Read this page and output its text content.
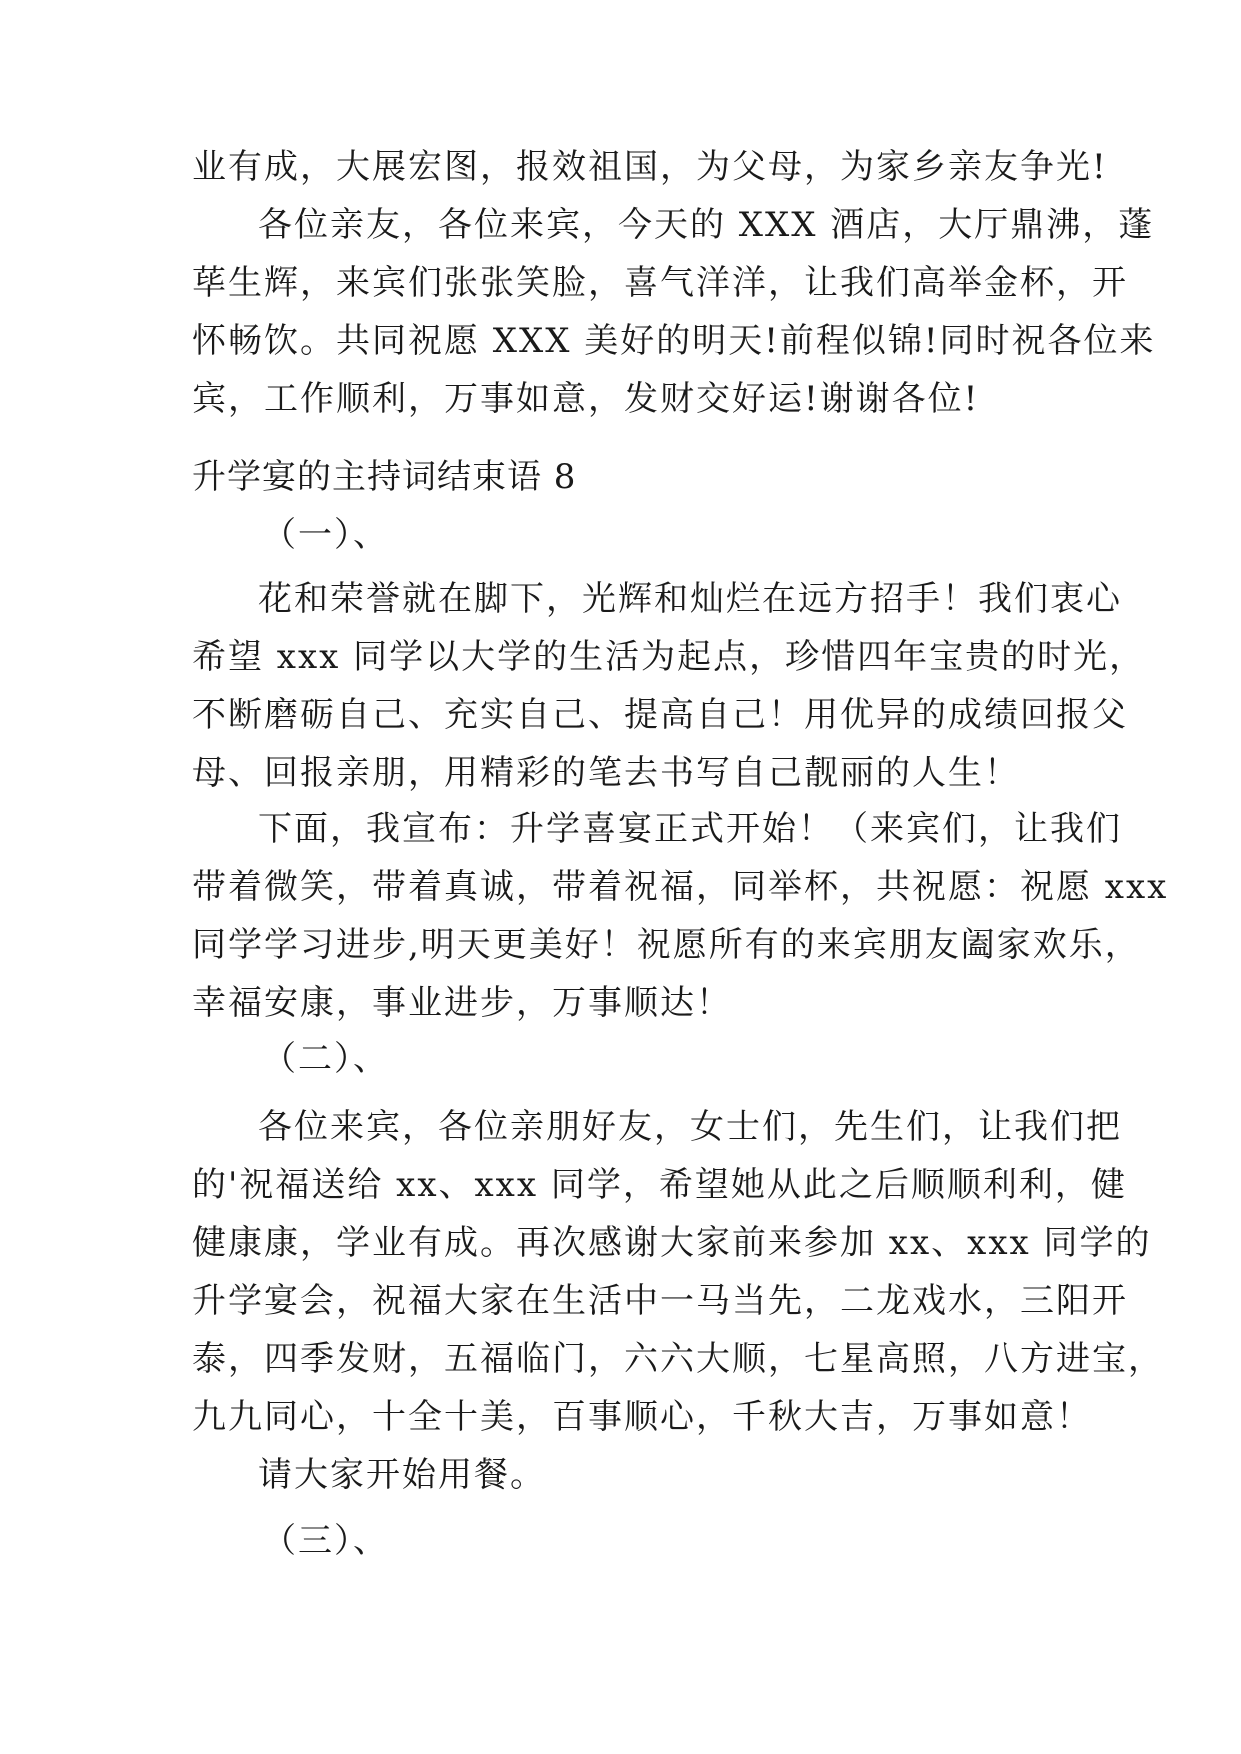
业有成，大展宏图，报效祖国，为父母，为家乡亲友争光!
各位亲友，各位来宾，今天的 XXX 酒店，大厅鼎沸，蓬
荜生辉，来宾们张张笑脸，喜气洋洋，让我们高举金杯，开
怀畅饮。共同祝愿 XXX 美好的明天!前程似锦!同时祝各位来
宾，工作顺利，万事如意，发财交好运!谢谢各位!
升学宴的主持词结束语 8
（一）、
花和荣誉就在脚下，光辉和灿烂在远方招手！我们衷心
希望 xxx 同学以大学的生活为起点，珍惜四年宝贵的时光，
不断磨砺自己、充实自己、提高自己！用优异的成绩回报父
母、回报亲朋，用精彩的笔去书写自己靓丽的人生！
下面，我宣布：升学喜宴正式开始！（来宾们，让我们
带着微笑，带着真诚，带着祝福，同举杯，共祝愿：祝愿 xxx
同学学习进步,明天更美好！祝愿所有的来宾朋友阖家欢乐，
幸福安康，事业进步，万事顺达！
（二）、
各位来宾，各位亲朋好友，女士们，先生们，让我们把
的'祝福送给 xx、xxx 同学，希望她从此之后顺顺利利，健
健康康，学业有成。再次感谢大家前来参加 xx、xxx 同学的
升学宴会，祝福大家在生活中一马当先，二龙戏水，三阳开
泰，四季发财，五福临门，六六大顺，七星高照，八方进宝，
九九同心，十全十美，百事顺心，千秋大吉，万事如意！
请大家开始用餐。
（三）、
